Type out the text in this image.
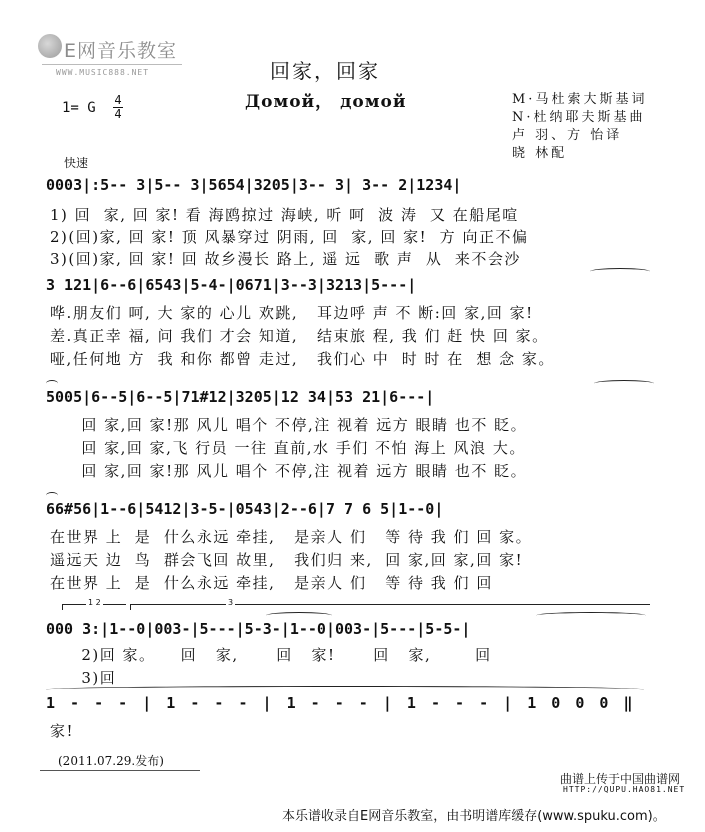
E网音乐教室
WWW.MUSIC888.NET	回家，回家
Домой， домой	M·马杜索大斯基词
N·杜纳耶夫斯基曲
卢 羽、方 怡译
晓 林配
1= G 4
4
快速
0003|:5-- 3|5-- 3|5654|3205|3-- 3| 3-- 2|1234|
1) 回  家, 回 家! 看 海鸥掠过 海峡, 听 呵  波 涛  又 在船尾喧
2)(回)家, 回 家! 顶 风暴穿过 阴雨, 回  家, 回 家!  方 向正不偏
3)(回)家, 回 家! 回 故乡漫长 路上, 遥 远  歌 声  从  来不会沙
3 121|6--6|6543|5-4-|0671|3--3|3213|5---|
哗.朋友们 呵, 大 家的 心儿 欢跳,   耳边呼 声 不 断:回 家,回 家!
差.真正幸 福, 问 我们 才会 知道,   结束旅 程, 我 们 赶 快 回 家。
哑,任何地 方  我 和你 都曾 走过,   我们心 中  时 时 在  想 念 家。
5005|6--5|6--5|71#12|3205|12 34|53 21|6---|
回 家,回 家!那 风儿 唱个 不停,注 视着 远方 眼睛 也不 眨。
回 家,回 家,飞 行员 一往 直前,水 手们 不怕 海上 风浪 大。
回 家,回 家!那 风儿 唱个 不停,注 视着 远方 眼睛 也不 眨。
66#56|1--6|5412|3-5-|0543|2--6|7 7 6 5|1--0|
在世界 上  是  什么永远 牵挂,   是亲人 们   等 待 我 们 回 家。
遥远天 边  鸟  群会飞回 故里,   我们归 来,  回 家,回 家,回 家!
在世界 上  是  什么永远 牵挂,   是亲人 们   等 待 我 们 回
1 2	3
000 3:|1--0|003-|5---|5-3-|1--0|003-|5---|5-5-|
2)回 家。    回   家,      回   家!      回   家,       回
3)回
1 - - - | 1 - - - | 1 - - - | 1 - - - | 1 0 0 0 ‖
家!
(2011.07.29.发布)
曲谱上传于中国曲谱网
HTTP://QUPU.HAO81.NET
本乐谱收录自E网音乐教室，由书明谱库缓存(www.spuku.com)。
